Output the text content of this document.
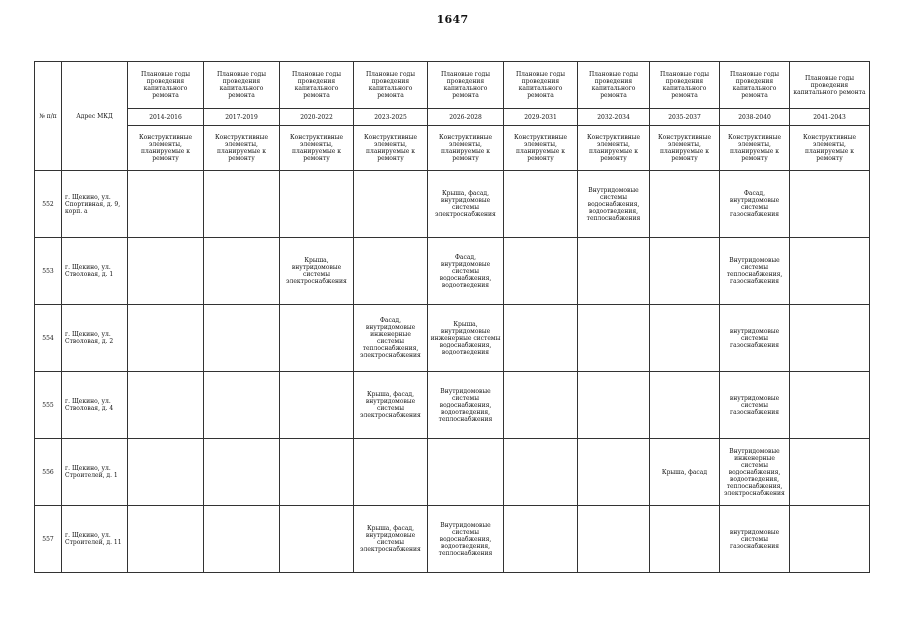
1647
№ п/п	Адрес МКД	Плановые годы проведения капитального ремонта	Плановые годы проведения капитального ремонта	Плановые годы проведения капитального ремонта	Плановые годы проведения капитального ремонта	Плановые годы проведения капитального ремонта	Плановые годы проведения капитального ремонта	Плановые годы проведения капитального ремонта	Плановые годы проведения капитального ремонта	Плановые годы проведения капитального ремонта	Плановые годы проведения капитального ремонта
		2014-2016	2017-2019	2020-2022	2023-2025	2026-2028	2029-2031	2032-2034	2035-2037	2038-2040	2041-2043
		Конструктивные элементы, планируемые к ремонту	Конструктивные элементы, планируемые к ремонту	Конструктивные элементы, планируемые к ремонту	Конструктивные элементы, планируемые к ремонту	Конструктивные элементы, планируемые к ремонту	Конструктивные элементы, планируемые к ремонту	Конструктивные элементы, планируемые к ремонту	Конструктивные элементы, планируемые к ремонту	Конструктивные элементы, планируемые к ремонту	Конструктивные элементы, планируемые к ремонту
552	г. Щекино, ул. Спортивная, д. 9, корп. а					Крыша, фасад, внутридомовые системы электроснабжения		Внутридомовые системы водоснабжения, водоотведения, теплоснабжения		Фасад, внутридомовые системы газоснабжения	
553	г. Щекино, ул. Стволовая, д. 1			Крыша, внутридомовые системы электроснабжения		Фасад, внутридомовые системы водоснабжения, водоотведения				Внутридомовые системы теплоснабжения, газоснабжения	
554	г. Щекино, ул. Стволовая, д. 2				Фасад, внутридомовые инженерные системы теплоснабжения, электроснабжения	Крыша, внутридомовые инженерные системы водоснабжения, водоотведения				внутридомовые системы газоснабжения	
555	г. Щекино, ул. Стволовая, д. 4				Крыша, фасад, внутридомовые системы электроснабжения	Внутридомовые системы водоснабжения, водоотведения, теплоснабжения				внутридомовые системы газоснабжения	
556	г. Щекино, ул. Строителей, д. 1								Крыша, фасад	Внутридомовые инженерные системы водоснабжения, водоотведения, теплоснабжения, электроснабжения	
557	г. Щекино, ул. Строителей, д. 11				Крыша, фасад, внутридомовые системы электроснабжения	Внутридомовые системы водоснабжения, водоотведения, теплоснабжения				внутридомовые системы газоснабжения	
